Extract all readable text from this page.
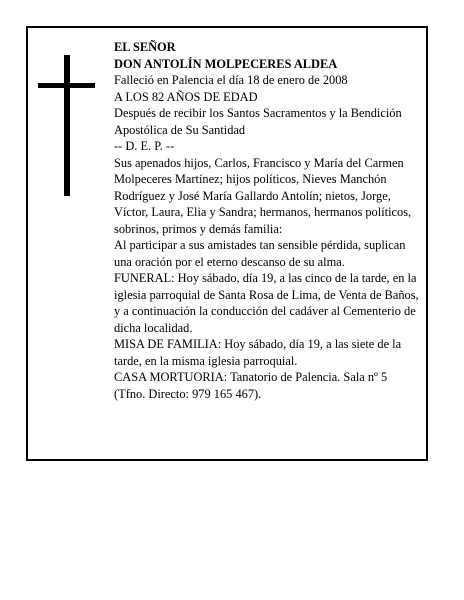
EL SEÑOR

DON ANTOLÍN MOLPECERES ALDEA

Falleció en Palencia el día 18 de enero de 2008

A LOS 82 AÑOS DE EDAD

Después de recibir los Santos Sacramentos y la Bendición Apostólica de Su Santidad

-- D. E. P. --

Sus apenados hijos, Carlos, Francisco y María del Carmen Molpeceres Martínez; hijos políticos, Nieves Manchón Rodríguez y José María Gallardo Antolín; nietos, Jorge, Víctor, Laura, Elia y Sandra; hermanos, hermanos políticos, sobrinos, primos y demás familia:

Al participar a sus amistades tan sensible pérdida, suplican una oración por el eterno descanso de su alma.

FUNERAL: Hoy sábado, día 19, a las cinco de la tarde, en la iglesia parroquial de Santa Rosa de Lima, de Venta de Baños, y a continuación la conducción del cadáver al Cementerio de dicha localidad.

MISA DE FAMILIA: Hoy sábado, día 19, a las siete de la tarde, en la misma iglesia parroquial.

CASA MORTUORIA: Tanatorio de Palencia. Sala nº 5 (Tfno. Directo: 979 165 467).
